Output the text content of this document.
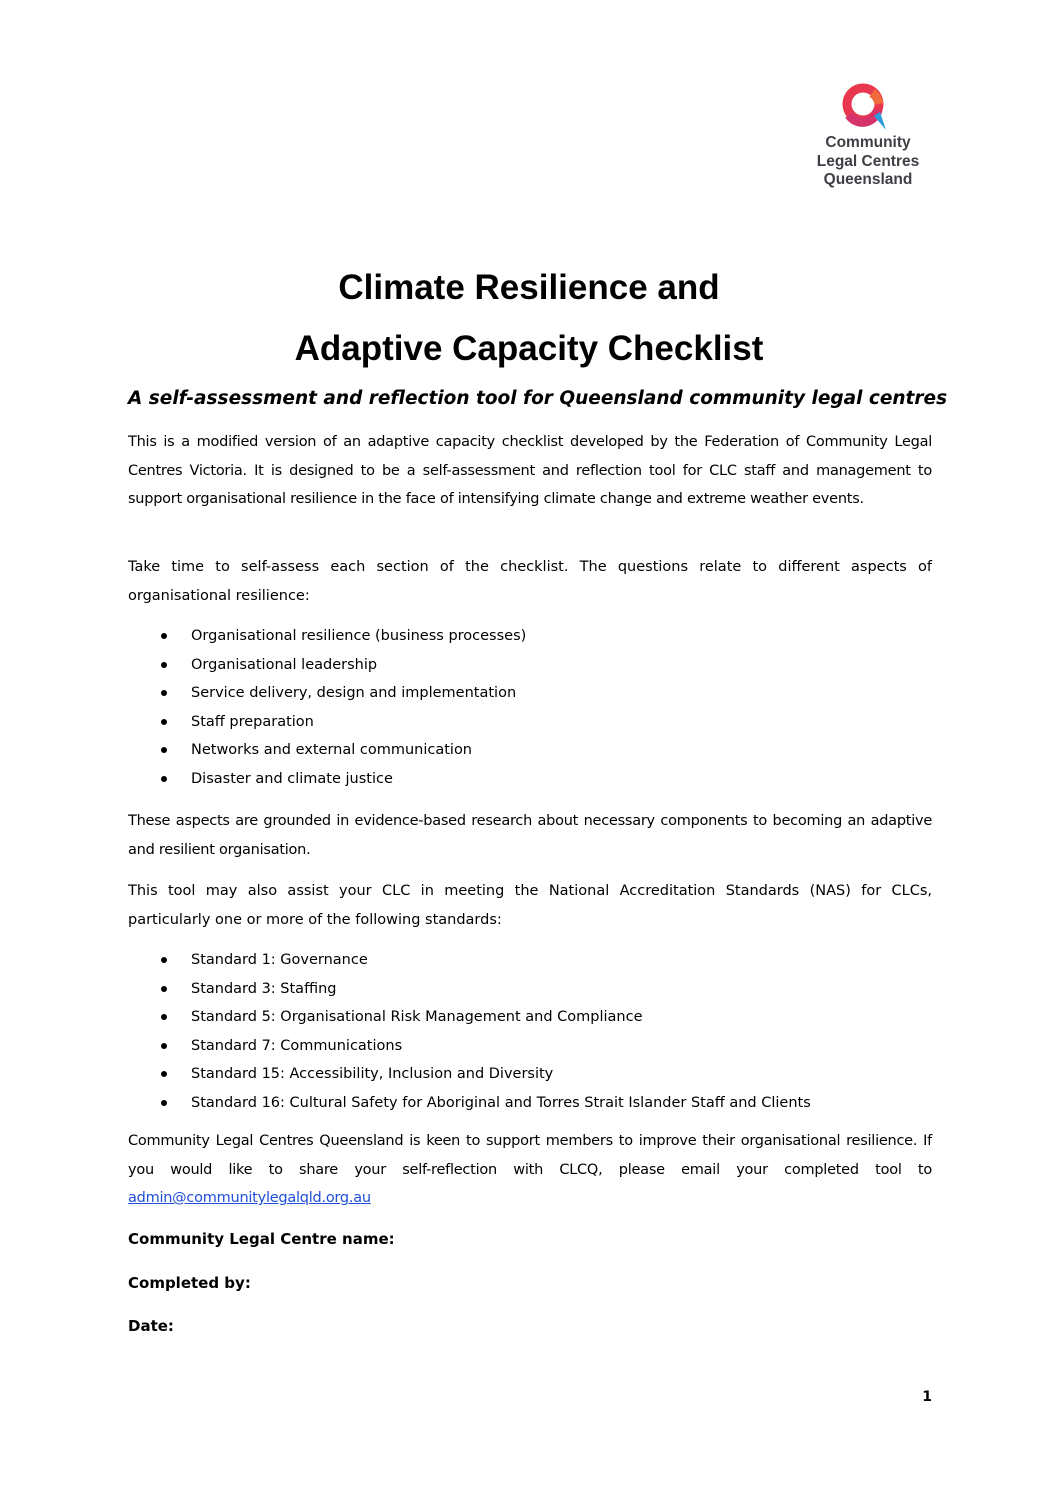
Community
Legal Centres
Queensland
Climate Resilience and
Adaptive Capacity Checklist

A self-assessment and reflection tool for Queensland community legal centres

This is a modified version of an adaptive capacity checklist developed by the Federation of Community Legal Centres Victoria. It is designed to be a self-assessment and reflection tool for CLC staff and management to support organisational resilience in the face of intensifying climate change and extreme weather events.

Take time to self-assess each section of the checklist. The questions relate to different aspects of organisational resilience:

Organisational resilience (business processes)
Organisational leadership
Service delivery, design and implementation
Staff preparation
Networks and external communication
Disaster and climate justice

These aspects are grounded in evidence-based research about necessary components to becoming an adaptive and resilient organisation.

This tool may also assist your CLC in meeting the National Accreditation Standards (NAS) for CLCs, particularly one or more of the following standards:

Standard 1: Governance
Standard 3: Staffing
Standard 5: Organisational Risk Management and Compliance
Standard 7: Communications
Standard 15: Accessibility, Inclusion and Diversity
Standard 16: Cultural Safety for Aboriginal and Torres Strait Islander Staff and Clients

Community Legal Centres Queensland is keen to support members to improve their organisational resilience. If you would like to share your self-reflection with CLCQ, please email your completed tool to admin@communitylegalqld.org.au

Community Legal Centre name:

Completed by:

Date:

1
